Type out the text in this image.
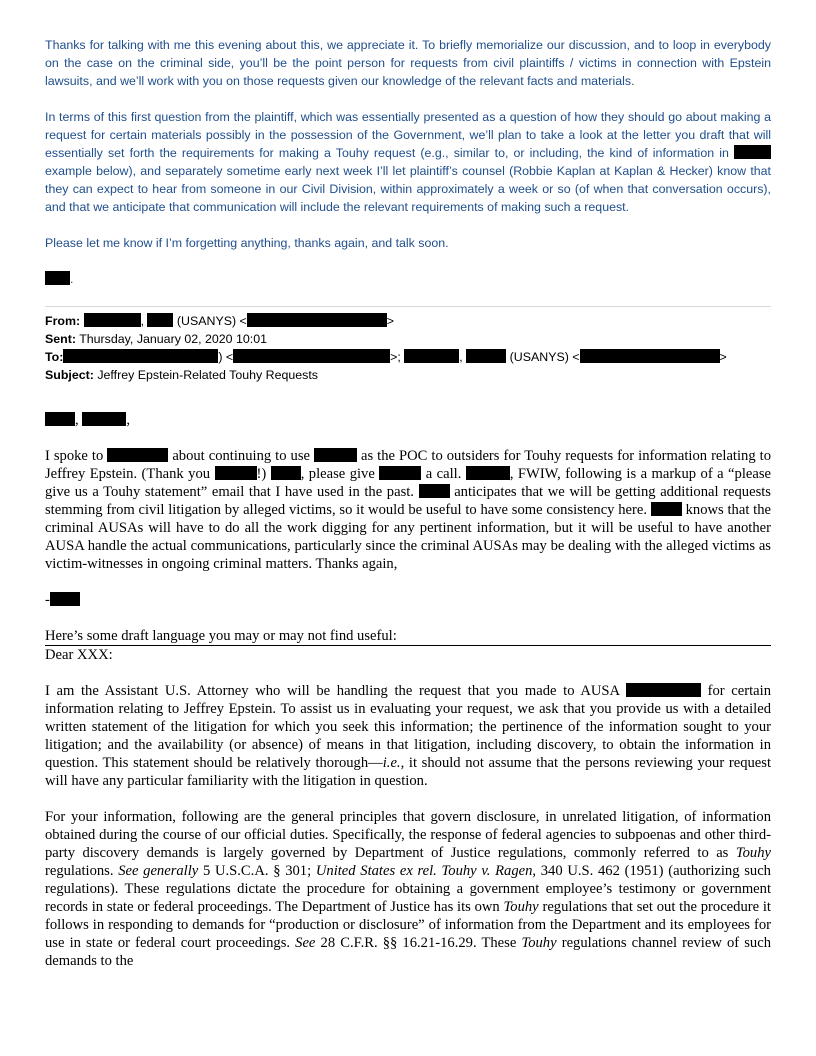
Thanks for talking with me this evening about this, we appreciate it. To briefly memorialize our discussion, and to loop in everybody on the case on the criminal side, you’ll be the point person for requests from civil plaintiffs / victims in connection with Epstein lawsuits, and we’ll work with you on those requests given our knowledge of the relevant facts and materials.

In terms of this first question from the plaintiff, which was essentially presented as a question of how they should go about making a request for certain materials possibly in the possession of the Government, we’ll plan to take a look at the letter you draft that will essentially set forth the requirements for making a Touhy request (e.g., similar to, or including, the kind of information in  example below), and separately sometime early next week I’ll let plaintiff’s counsel (Robbie Kaplan at Kaplan & Hecker) know that they can expect to hear from someone in our Civil Division, within approximately a week or so (of when that conversation occurs), and that we anticipate that communication will include the relevant requirements of making such a request.

Please let me know if I’m forgetting anything, thanks again, and talk soon.

.

From:	,  (USANYS) <	>
Sent: Thursday, January 02, 2020 10:01
To:	) <	>;	,	(USANYS) <	>
Subject: Jeffrey Epstein-Related Touhy Requests

,	,

I spoke to	about continuing to use	as the POC to outsiders for Touhy requests for information relating to Jeffrey Epstein. (Thank you	!) , please give	a call.	, FWIW, following is a markup of a “please give us a Touhy statement” email that I have used in the past.	anticipates that we will be getting additional requests stemming from civil litigation by alleged victims, so it would be useful to have some consistency here.	knows that the criminal AUSAs will have to do all the work digging for any pertinent information, but it will be useful to have another AUSA handle the actual communications, particularly since the criminal AUSAs may be dealing with the alleged victims as victim-witnesses in ongoing criminal matters. Thanks again,

-

Here’s some draft language you may or may not find useful:

Dear XXX:

I am the Assistant U.S. Attorney who will be handling the request that you made to AUSA	for certain information relating to Jeffrey Epstein. To assist us in evaluating your request, we ask that you provide us with a detailed written statement of the litigation for which you seek this information; the pertinence of the information sought to your litigation; and the availability (or absence) of means in that litigation, including discovery, to obtain the information in question. This statement should be relatively thorough—i.e., it should not assume that the persons reviewing your request will have any particular familiarity with the litigation in question.

For your information, following are the general principles that govern disclosure, in unrelated litigation, of information obtained during the course of our official duties. Specifically, the response of federal agencies to subpoenas and other third-party discovery demands is largely governed by Department of Justice regulations, commonly referred to as Touhy regulations. See generally 5 U.S.C.A. § 301; United States ex rel. Touhy v. Ragen, 340 U.S. 462 (1951) (authorizing such regulations). These regulations dictate the procedure for obtaining a government employee’s testimony or government records in state or federal proceedings. The Department of Justice has its own Touhy regulations that set out the procedure it follows in responding to demands for “production or disclosure” of information from the Department and its employees for use in state or federal court proceedings. See 28 C.F.R. §§ 16.21-16.29. These Touhy regulations channel review of such demands to the
